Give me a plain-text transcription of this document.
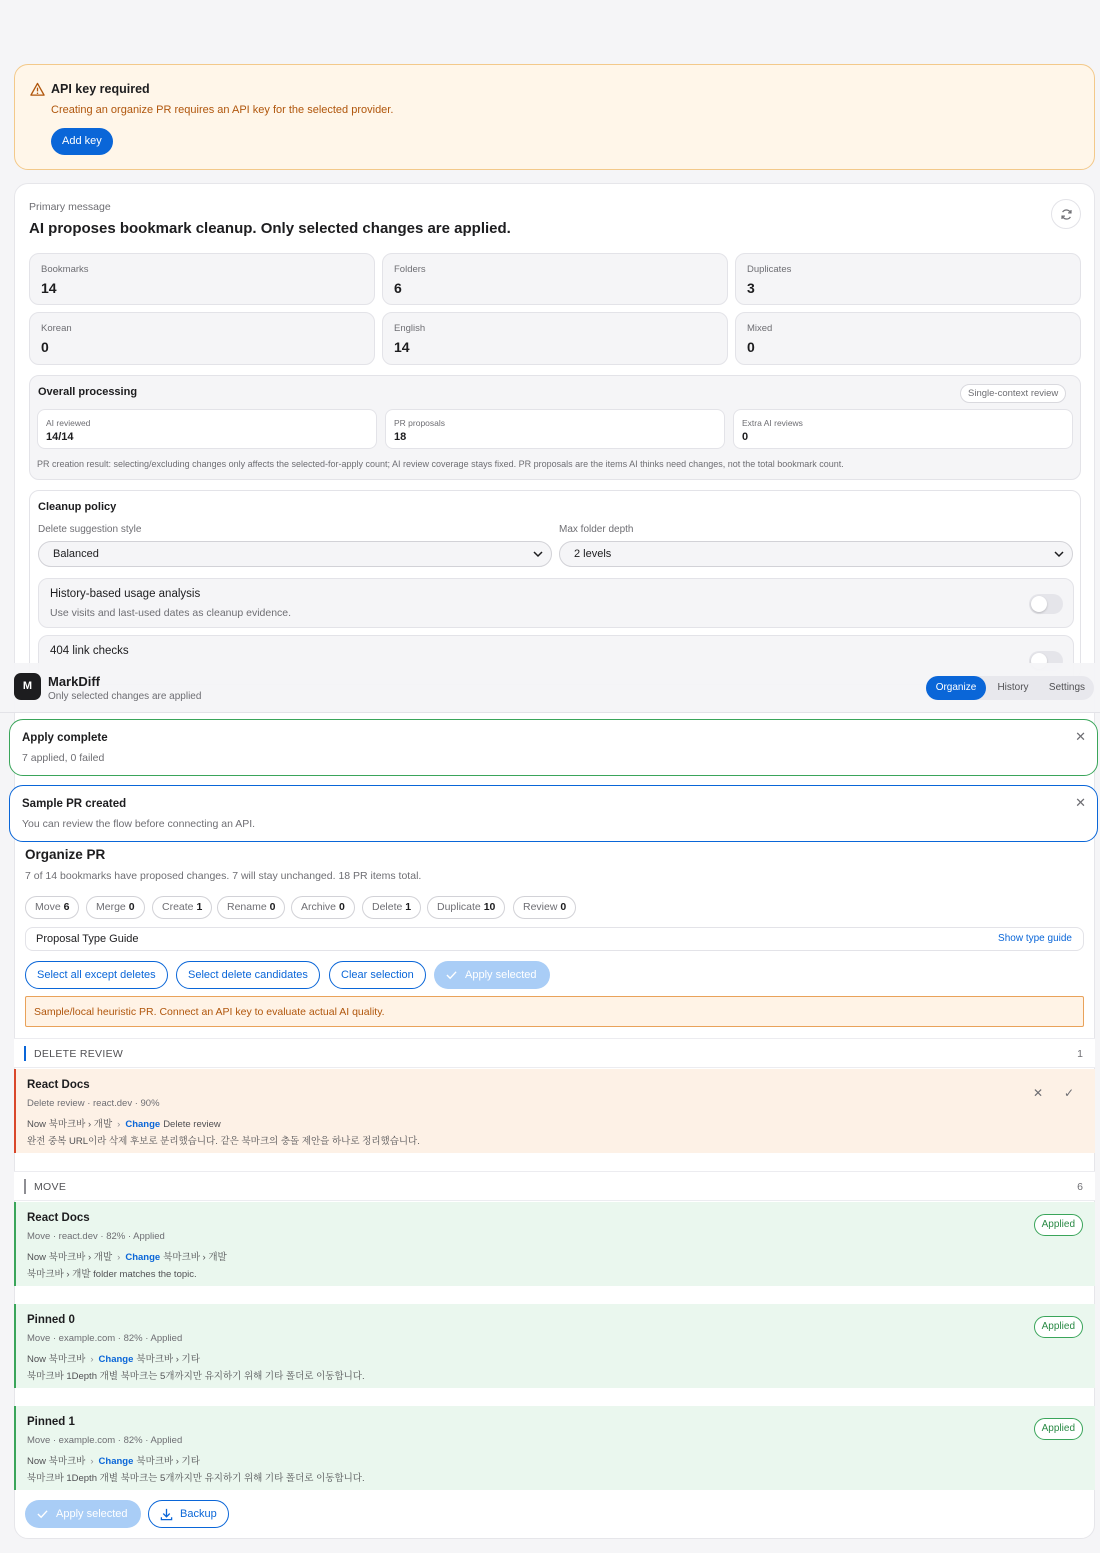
API key required
Creating an organize PR requires an API key for the selected provider.
Add key
Primary message
AI proposes bookmark cleanup. Only selected changes are applied.
Bookmarks
14
Folders
6
Duplicates
3
Korean
0
English
14
Mixed
0
Overall processing	Single-context review
AI reviewed
14/14
PR proposals
18
Extra AI reviews
0
PR creation result: selecting/excluding changes only affects the selected-for-apply count; AI review coverage stays fixed. PR proposals are the items AI thinks need changes, not the total bookmark count.
Cleanup policy
Delete suggestion style	Max folder depth
Balanced	2 levels
History-based usage analysis
Use visits and last-used dates as cleanup evidence.
404 link checks
M	MarkDiff
Only selected changes are applied
Organize	History	Settings
Organize PR
7 of 14 bookmarks have proposed changes. 7 will stay unchanged. 18 PR items total.
Move 6	Merge 0	Create 1	Rename 0	Archive 0	Delete 1	Duplicate 10	Review 0
Proposal Type Guide	Show type guide
Select all except deletes	Select delete candidates	Clear selection	Apply selected
Sample/local heuristic PR. Connect an API key to evaluate actual AI quality.
DELETE REVIEW	1
React Docs
Delete review · react.dev · 90%
Now 북마크바 › 개발 › Change Delete review
완전 중복 URL이라 삭제 후보로 분리했습니다. 같은 북마크의 충돌 제안을 하나로 정리했습니다.
✕	✓
MOVE	6
React Docs
Move · react.dev · 82% · Applied
Now 북마크바 › 개발 › Change 북마크바 › 개발
북마크바 › 개발 folder matches the topic.
Applied
Pinned 0
Move · example.com · 82% · Applied
Now 북마크바 › Change 북마크바 › 기타
북마크바 1Depth 개별 북마크는 5개까지만 유지하기 위해 기타 폴더로 이동합니다.
Applied
Pinned 1
Move · example.com · 82% · Applied
Now 북마크바 › Change 북마크바 › 기타
북마크바 1Depth 개별 북마크는 5개까지만 유지하기 위해 기타 폴더로 이동합니다.
Applied
Apply selected	Backup
Apply complete
7 applied, 0 failed
✕
Sample PR created
You can review the flow before connecting an API.
✕
